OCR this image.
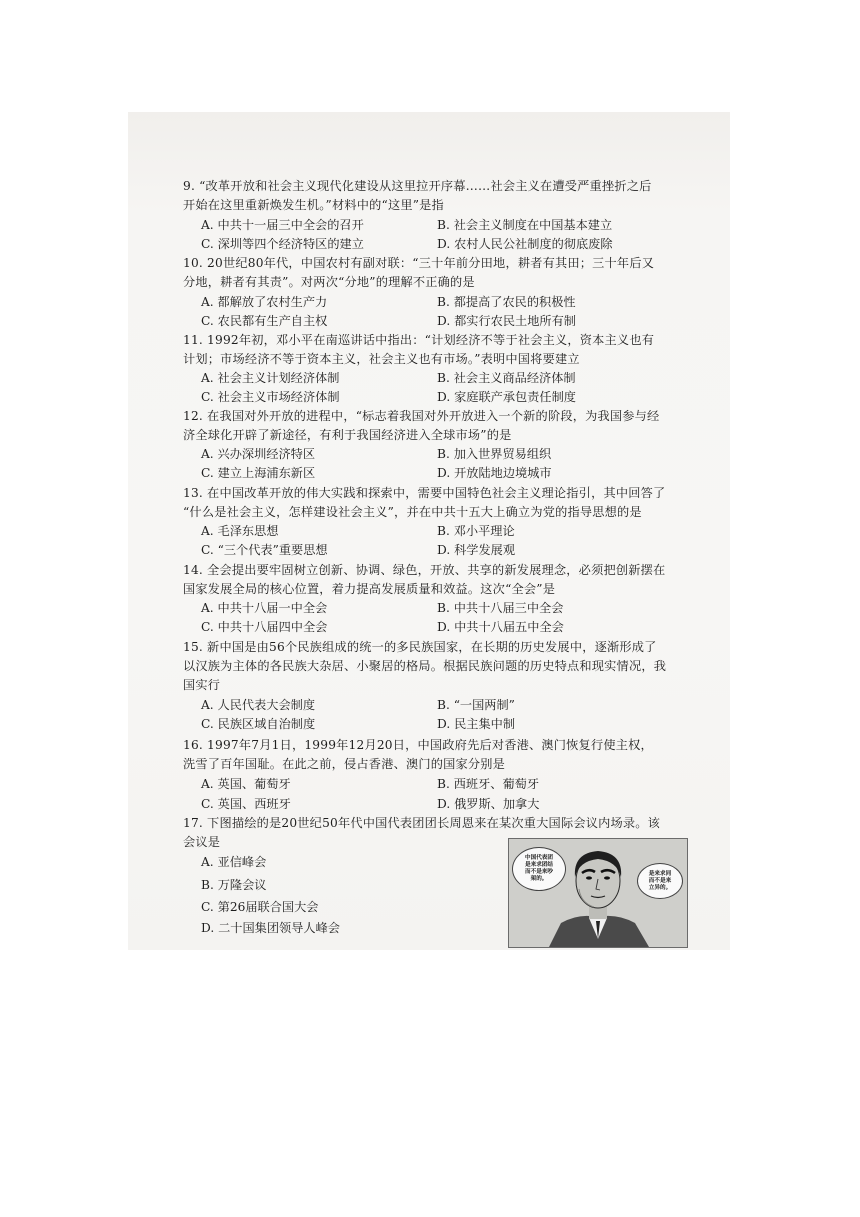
9. “改革开放和社会主义现代化建设从这里拉开序幕……社会主义在遭受严重挫折之后
开始在这里重新焕发生机。”材料中的“这里”是指
A. 中共十一届三中全会的召开	B. 社会主义制度在中国基本建立
C. 深圳等四个经济特区的建立	D. 农村人民公社制度的彻底废除
10. 20世纪80年代，中国农村有副对联：“三十年前分田地，耕者有其田；三十年后又
分地，耕者有其责”。对两次“分地”的理解不正确的是
A. 都解放了农村生产力	B. 都提高了农民的积极性
C. 农民都有生产自主权	D. 都实行农民土地所有制
11. 1992年初，邓小平在南巡讲话中指出：“计划经济不等于社会主义，资本主义也有
计划；市场经济不等于资本主义，社会主义也有市场。”表明中国将要建立
A. 社会主义计划经济体制	B. 社会主义商品经济体制
C. 社会主义市场经济体制	D. 家庭联产承包责任制度
12. 在我国对外开放的进程中，“标志着我国对外开放进入一个新的阶段，为我国参与经
济全球化开辟了新途径，有利于我国经济进入全球市场”的是
A. 兴办深圳经济特区	B. 加入世界贸易组织
C. 建立上海浦东新区	D. 开放陆地边境城市
13. 在中国改革开放的伟大实践和探索中，需要中国特色社会主义理论指引，其中回答了
“什么是社会主义，怎样建设社会主义”，并在中共十五大上确立为党的指导思想的是
A. 毛泽东思想	B. 邓小平理论
C. “三个代表”重要思想	D. 科学发展观
14. 全会提出要牢固树立创新、协调、绿色，开放、共享的新发展理念，必须把创新摆在
国家发展全局的核心位置，着力提高发展质量和效益。这次“全会”是
A. 中共十八届一中全会	B. 中共十八届三中全会
C. 中共十八届四中全会	D. 中共十八届五中全会
15. 新中国是由56个民族组成的统一的多民族国家，在长期的历史发展中，逐渐形成了
以汉族为主体的各民族大杂居、小聚居的格局。根据民族问题的历史特点和现实情况，我
国实行
A. 人民代表大会制度	B. “一国两制”
C. 民族区域自治制度	D. 民主集中制
16. 1997年7月1日，1999年12月20日，中国政府先后对香港、澳门恢复行使主权，
洗雪了百年国耻。在此之前，侵占香港、澳门的国家分别是
A. 英国、葡萄牙	B. 西班牙、葡萄牙
C. 英国、西班牙	D. 俄罗斯、加拿大
17. 下图描绘的是20世纪50年代中国代表团团长周恩来在某次重大国际会议内场录。该
会议是
A. 亚信峰会
B. 万隆会议
C. 第26届联合国大会
D. 二十国集团领导人峰会
中国代表团
是来求团结
而不是来吵
架的。
是来求同
而不是来
立异的。
